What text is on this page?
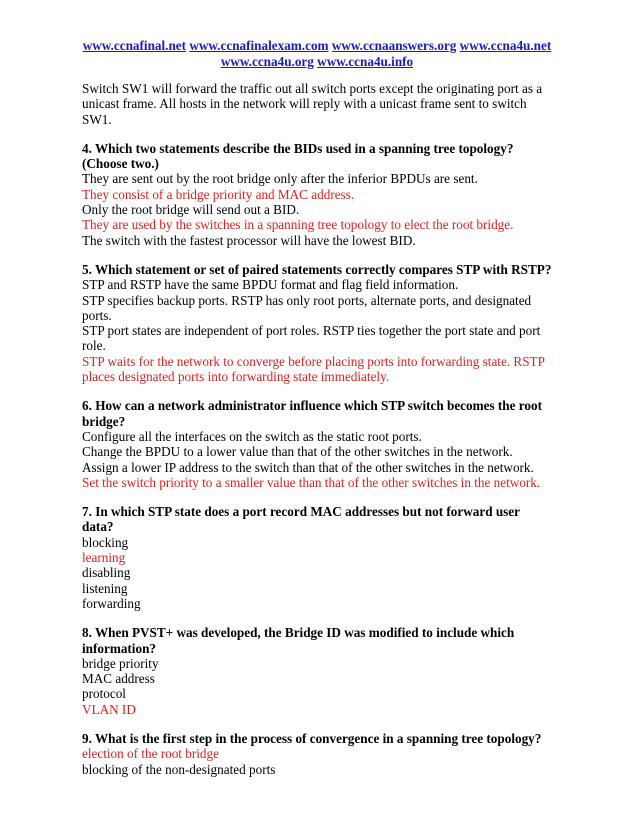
www.ccnafinal.net www.ccnafinalexam.com www.ccnaanswers.org www.ccna4u.net
www.ccna4u.org www.ccna4u.info
Switch SW1 will forward the traffic out all switch ports except the originating port as a unicast frame. All hosts in the network will reply with a unicast frame sent to switch SW1.
4. Which two statements describe the BIDs used in a spanning tree topology? (Choose two.)
They are sent out by the root bridge only after the inferior BPDUs are sent.
They consist of a bridge priority and MAC address.
Only the root bridge will send out a BID.
They are used by the switches in a spanning tree topology to elect the root bridge.
The switch with the fastest processor will have the lowest BID.
5. Which statement or set of paired statements correctly compares STP with RSTP?
STP and RSTP have the same BPDU format and flag field information.
STP specifies backup ports. RSTP has only root ports, alternate ports, and designated ports.
STP port states are independent of port roles. RSTP ties together the port state and port role.
STP waits for the network to converge before placing ports into forwarding state. RSTP places designated ports into forwarding state immediately.
6. How can a network administrator influence which STP switch becomes the root bridge?
Configure all the interfaces on the switch as the static root ports.
Change the BPDU to a lower value than that of the other switches in the network.
Assign a lower IP address to the switch than that of the other switches in the network.
Set the switch priority to a smaller value than that of the other switches in the network.
7. In which STP state does a port record MAC addresses but not forward user data?
blocking
learning
disabling
listening
forwarding
8. When PVST+ was developed, the Bridge ID was modified to include which information?
bridge priority
MAC address
protocol
VLAN ID
9. What is the first step in the process of convergence in a spanning tree topology?
election of the root bridge
blocking of the non-designated ports
